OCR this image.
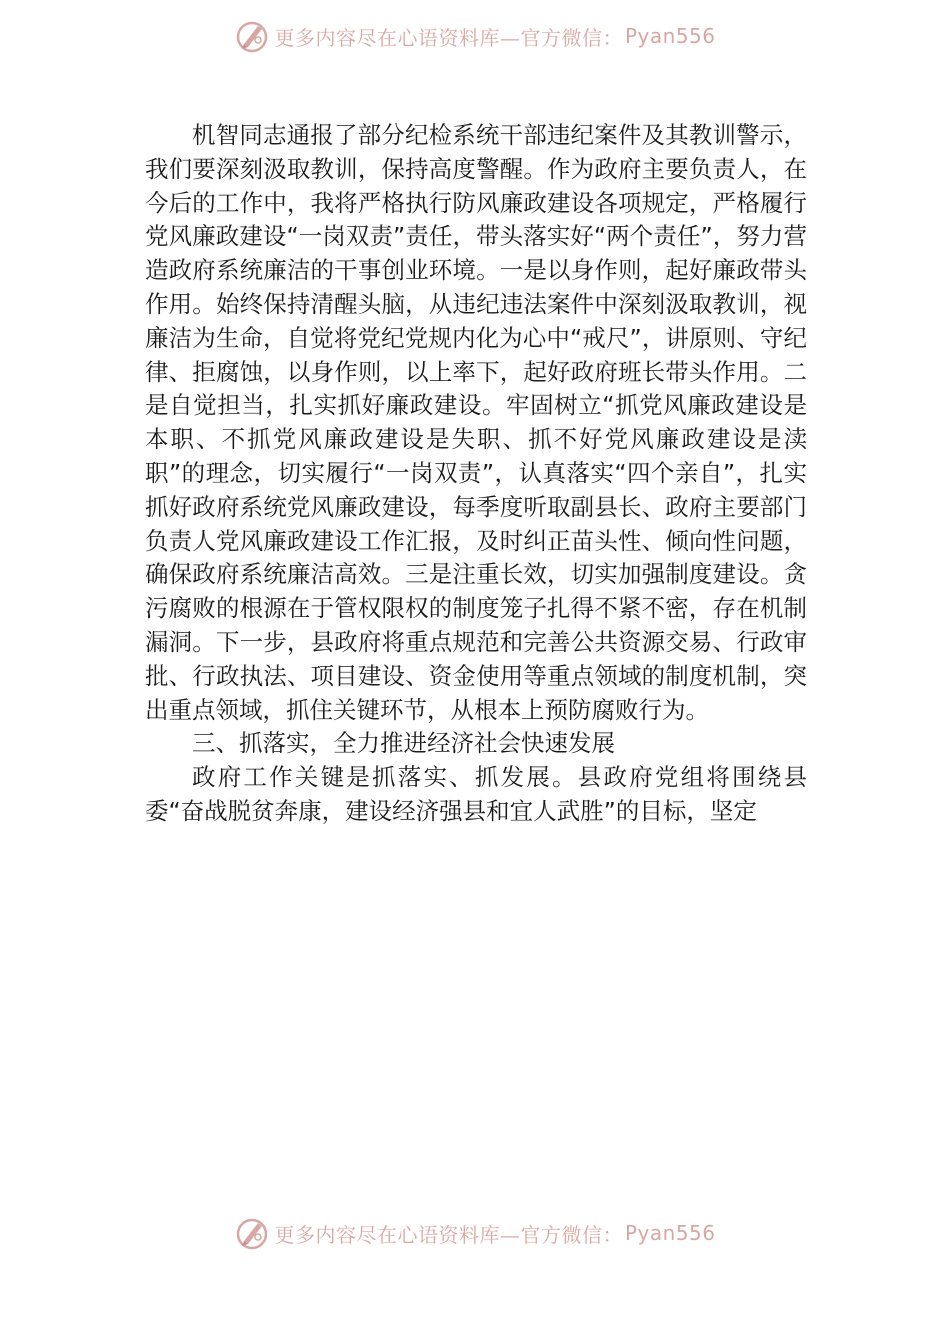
更多内容尽在心语资料库—官方微信： Pyan556

机智同志通报了部分纪检系统干部违纪案件及其教训警示，我们要深刻汲取教训，保持高度警醒。作为政府主要负责人，在今后的工作中，我将严格执行防风廉政建设各项规定，严格履行党风廉政建设“一岗双责”责任，带头落实好“两个责任”，努力营造政府系统廉洁的干事创业环境。一是以身作则，起好廉政带头作用。始终保持清醒头脑，从违纪违法案件中深刻汲取教训，视廉洁为生命，自觉将党纪党规内化为心中“戒尺”，讲原则、守纪律、拒腐蚀，以身作则，以上率下，起好政府班长带头作用。二是自觉担当，扎实抓好廉政建设。牢固树立“抓党风廉政建设是本职、不抓党风廉政建设是失职、抓不好党风廉政建设是渎职”的理念，切实履行“一岗双责”，认真落实“四个亲自”，扎实抓好政府系统党风廉政建设，每季度听取副县长、政府主要部门负责人党风廉政建设工作汇报，及时纠正苗头性、倾向性问题，确保政府系统廉洁高效。三是注重长效，切实加强制度建设。贪污腐败的根源在于管权限权的制度笼子扎得不紧不密，存在机制漏洞。下一步，县政府将重点规范和完善公共资源交易、行政审批、行政执法、项目建设、资金使用等重点领域的制度机制，突出重点领域，抓住关键环节，从根本上预防腐败行为。

三、抓落实，全力推进经济社会快速发展

政府工作关键是抓落实、抓发展。县政府党组将围绕县委“奋战脱贫奔康，建设经济强县和宜人武胜”的目标，坚定

更多内容尽在心语资料库—官方微信： Pyan556
